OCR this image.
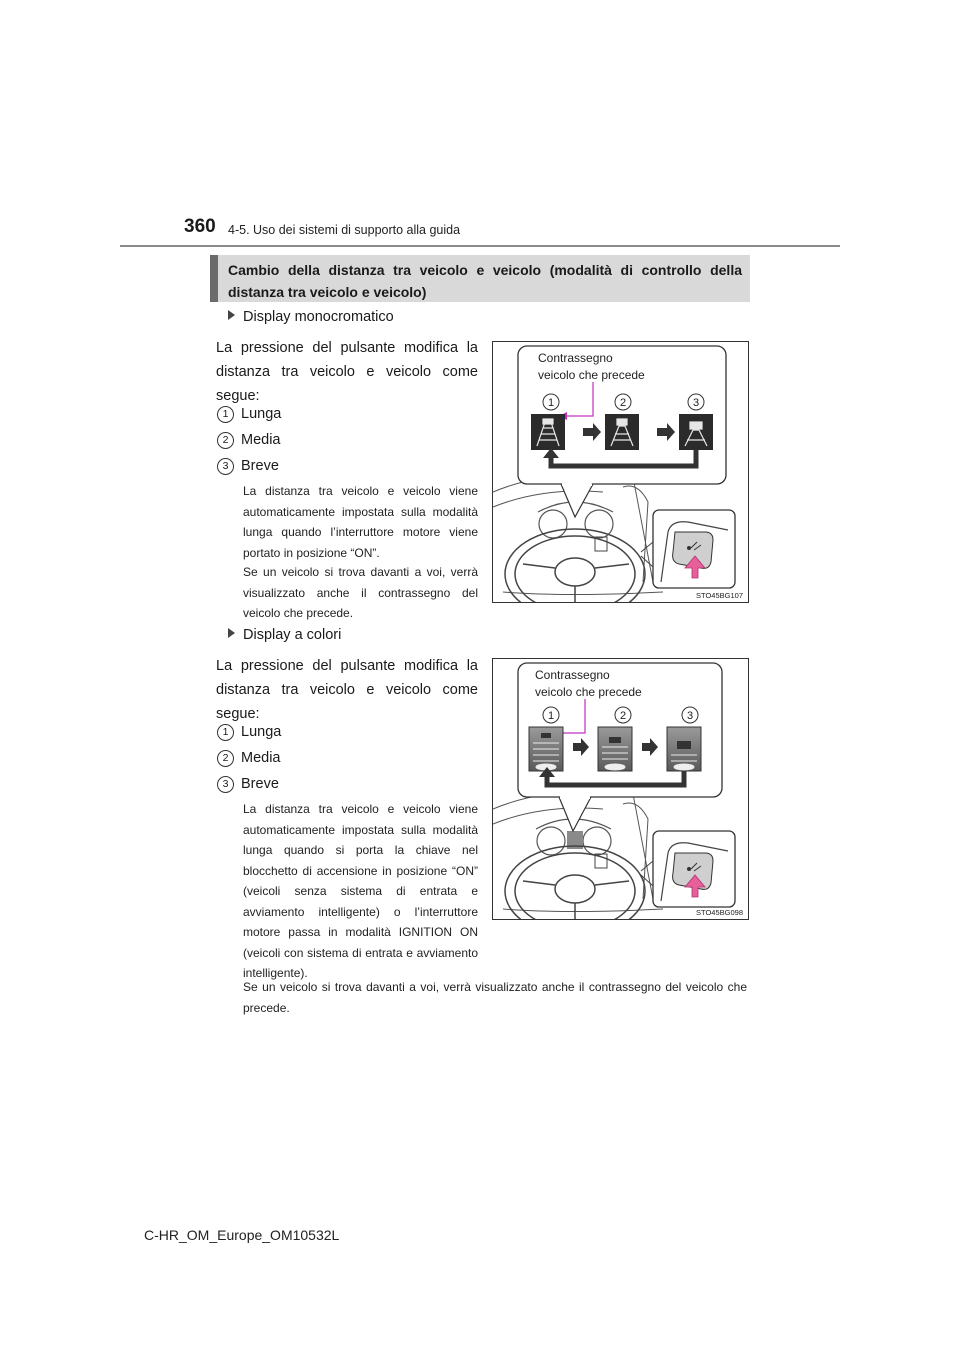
360 4-5. Uso dei sistemi di supporto alla guida
Cambio della distanza tra veicolo e veicolo (modalità di controllo della distanza tra veicolo e veicolo)
Display monocromatico
La pressione del pulsante modifica la distanza tra veicolo e veicolo come segue:
1 Lunga
2 Media
3 Breve
La distanza tra veicolo e veicolo viene automaticamente impostata sulla modalità lunga quando l’interruttore motore viene portato in posizione “ON”.
Se un veicolo si trova davanti a voi, verrà visualizzato anche il contrassegno del veicolo che precede.
Contrassegno
veicolo che precede
1	2	3
STO45BG107
Display a colori
La pressione del pulsante modifica la distanza tra veicolo e veicolo come segue:
1 Lunga
2 Media
3 Breve
La distanza tra veicolo e veicolo viene automaticamente impostata sulla modalità lunga quando si porta la chiave nel blocchetto di accensione in posizione “ON” (veicoli senza sistema di entrata e avviamento intelligente) o l’interruttore motore passa in modalità IGNITION ON (veicoli con sistema di entrata e avviamento intelligente).
Se un veicolo si trova davanti a voi, verrà visualizzato anche il contrassegno del veicolo che precede.
Contrassegno
veicolo che precede
1	2	3
STO45BG098
C-HR_OM_Europe_OM10532L
